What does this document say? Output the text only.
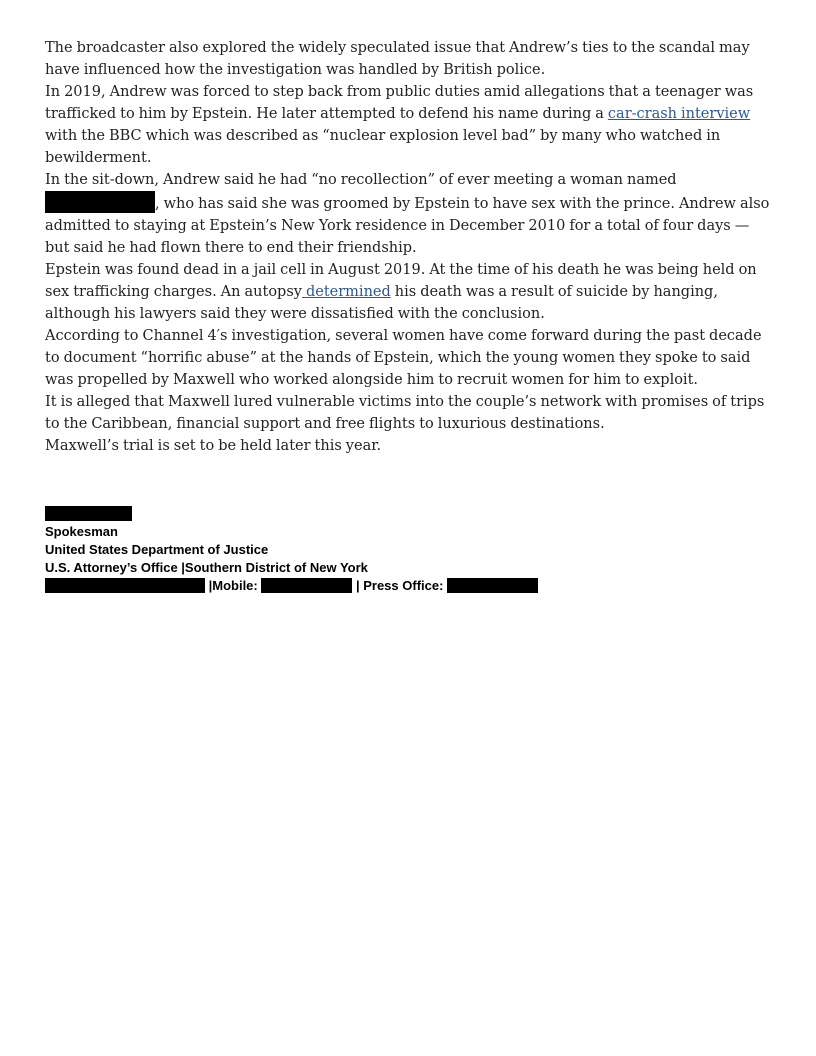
The broadcaster also explored the widely speculated issue that Andrew’s ties to the scandal may have influenced how the investigation was handled by British police.

In 2019, Andrew was forced to step back from public duties amid allegations that a teenager was trafficked to him by Epstein. He later attempted to defend his name during a car-crash interview with the BBC which was described as “nuclear explosion level bad” by many who watched in bewilderment.

In the sit-down, Andrew said he had “no recollection” of ever meeting a woman named , who has said she was groomed by Epstein to have sex with the prince. Andrew also admitted to staying at Epstein’s New York residence in December 2010 for a total of four days — but said he had flown there to end their friendship.

Epstein was found dead in a jail cell in August 2019. At the time of his death he was being held on sex trafficking charges. An autopsy determined his death was a result of suicide by hanging, although his lawyers said they were dissatisfied with the conclusion.

According to Channel 4′s investigation, several women have come forward during the past decade to document “horrific abuse” at the hands of Epstein, which the young women they spoke to said was propelled by Maxwell who worked alongside him to recruit women for him to exploit.

It is alleged that Maxwell lured vulnerable victims into the couple’s network with promises of trips to the Caribbean, financial support and free flights to luxurious destinations.

Maxwell’s trial is set to be held later this year.

Spokesman
United States Department of Justice
U.S. Attorney’s Office |Southern District of New York
|Mobile:	| Press Office:
